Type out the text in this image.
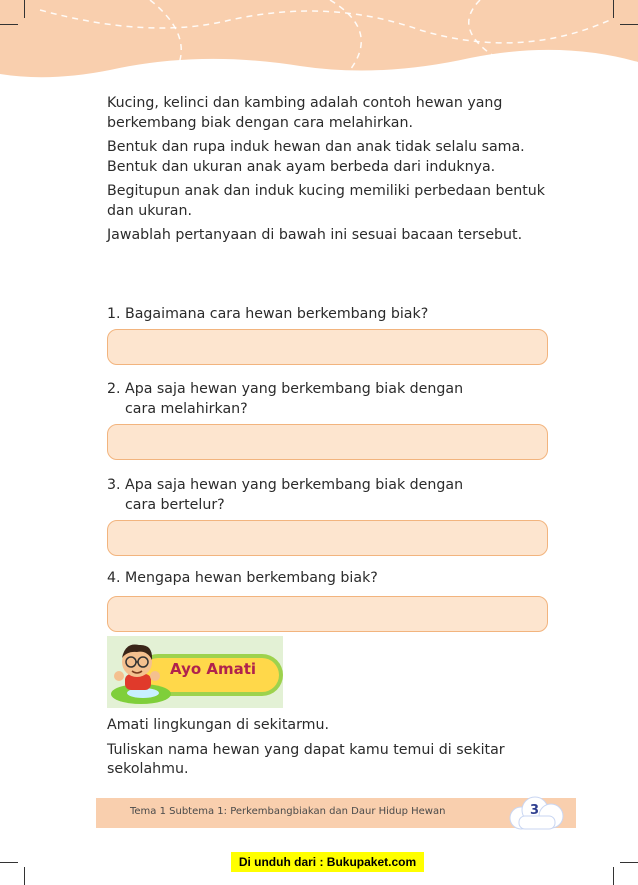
Kucing, kelinci dan kambing adalah contoh hewan yang berkembang biak dengan cara melahirkan.

Bentuk dan rupa induk hewan dan anak tidak selalu sama.

Bentuk dan ukuran anak ayam berbeda dari induknya.

Begitupun anak dan induk kucing memiliki perbedaan bentuk dan ukuran.

Jawablah pertanyaan di bawah ini sesuai bacaan tersebut.

1. Bagaimana cara hewan berkembang biak?
2. Apa saja hewan yang berkembang biak dengan
cara melahirkan?
3. Apa saja hewan yang berkembang biak dengan
cara bertelur?
4. Mengapa hewan berkembang biak?
Ayo Amati

Amati lingkungan di sekitarmu.

Tuliskan nama hewan yang dapat kamu temui di sekitar sekolahmu.

Tema 1 Subtema 1: Perkembangbiakan dan Daur Hidup Hewan	3
Di unduh dari : Bukupaket.com
